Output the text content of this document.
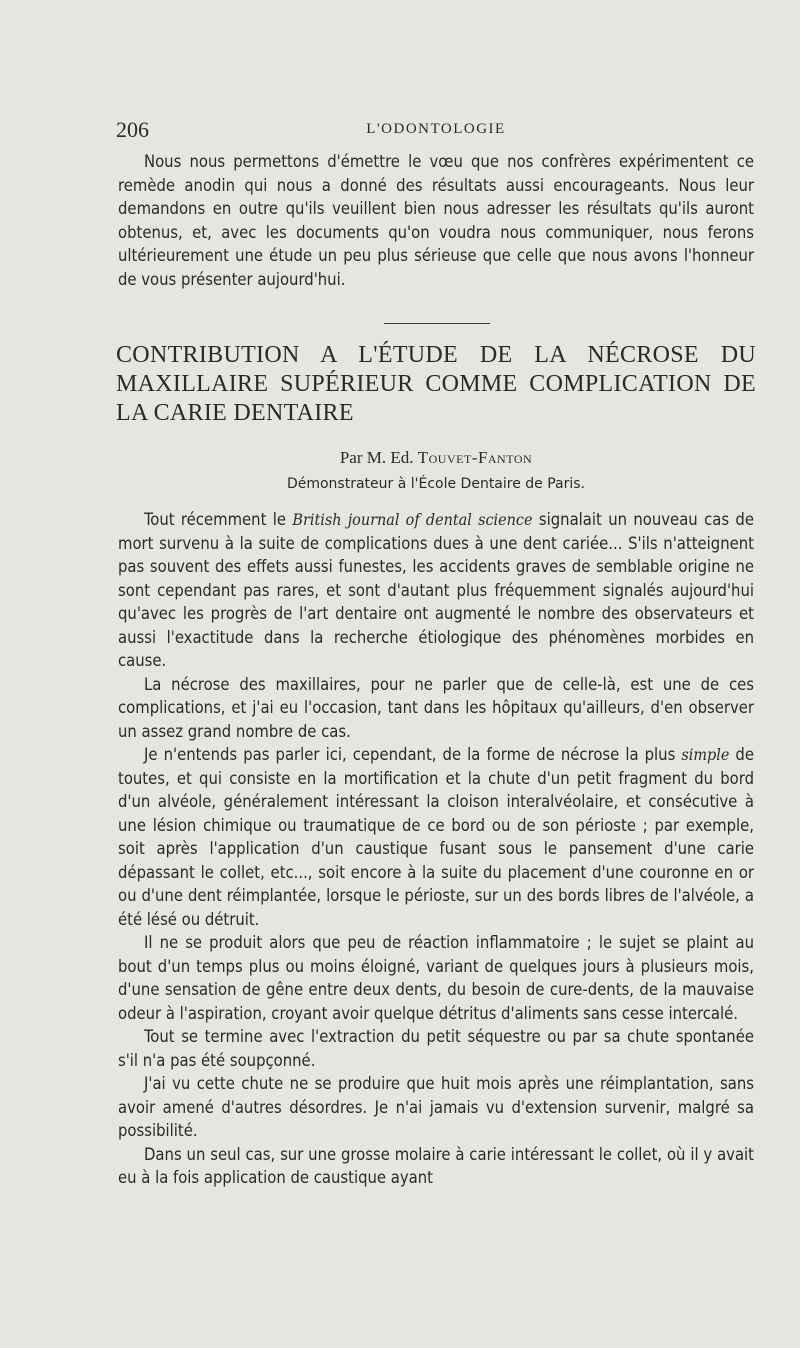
206	L'ODONTOLOGIE

Nous nous permettons d'émettre le vœu que nos confrères expérimentent ce remède anodin qui nous a donné des résultats aussi encourageants. Nous leur demandons en outre qu'ils veuillent bien nous adresser les résultats qu'ils auront obtenus, et, avec les documents qu'on voudra nous communiquer, nous ferons ultérieurement une étude un peu plus sérieuse que celle que nous avons l'honneur de vous présenter aujourd'hui.

CONTRIBUTION A L'ÉTUDE DE LA NÉCROSE DU MAXILLAIRE SUPÉRIEUR COMME COMPLICATION DE LA CARIE DENTAIRE
Par M. Ed. Touvet-Fanton
Démonstrateur à l'École Dentaire de Paris.

Tout récemment le British journal of dental science signalait un nouveau cas de mort survenu à la suite de complications dues à une dent cariée... S'ils n'atteignent pas souvent des effets aussi funestes, les accidents graves de semblable origine ne sont cependant pas rares, et sont d'autant plus fréquemment signalés aujourd'hui qu'avec les progrès de l'art dentaire ont augmenté le nombre des observateurs et aussi l'exactitude dans la recherche étiologique des phénomènes morbides en cause.

La nécrose des maxillaires, pour ne parler que de celle-là, est une de ces complications, et j'ai eu l'occasion, tant dans les hôpitaux qu'ailleurs, d'en observer un assez grand nombre de cas.

Je n'entends pas parler ici, cependant, de la forme de nécrose la plus simple de toutes, et qui consiste en la mortification et la chute d'un petit fragment du bord d'un alvéole, généralement intéressant la cloison interalvéolaire, et consécutive à une lésion chimique ou traumatique de ce bord ou de son périoste ; par exemple, soit après l'application d'un caustique fusant sous le pansement d'une carie dépassant le collet, etc..., soit encore à la suite du placement d'une couronne en or ou d'une dent réimplantée, lorsque le périoste, sur un des bords libres de l'alvéole, a été lésé ou détruit.

Il ne se produit alors que peu de réaction inflammatoire ; le sujet se plaint au bout d'un temps plus ou moins éloigné, variant de quelques jours à plusieurs mois, d'une sensation de gêne entre deux dents, du besoin de cure-dents, de la mauvaise odeur à l'aspiration, croyant avoir quelque détritus d'aliments sans cesse intercalé.

Tout se termine avec l'extraction du petit séquestre ou par sa chute spontanée s'il n'a pas été soupçonné.

J'ai vu cette chute ne se produire que huit mois après une réimplantation, sans avoir amené d'autres désordres. Je n'ai jamais vu d'extension survenir, malgré sa possibilité.

Dans un seul cas, sur une grosse molaire à carie intéressant le collet, où il y avait eu à la fois application de caustique ayant
